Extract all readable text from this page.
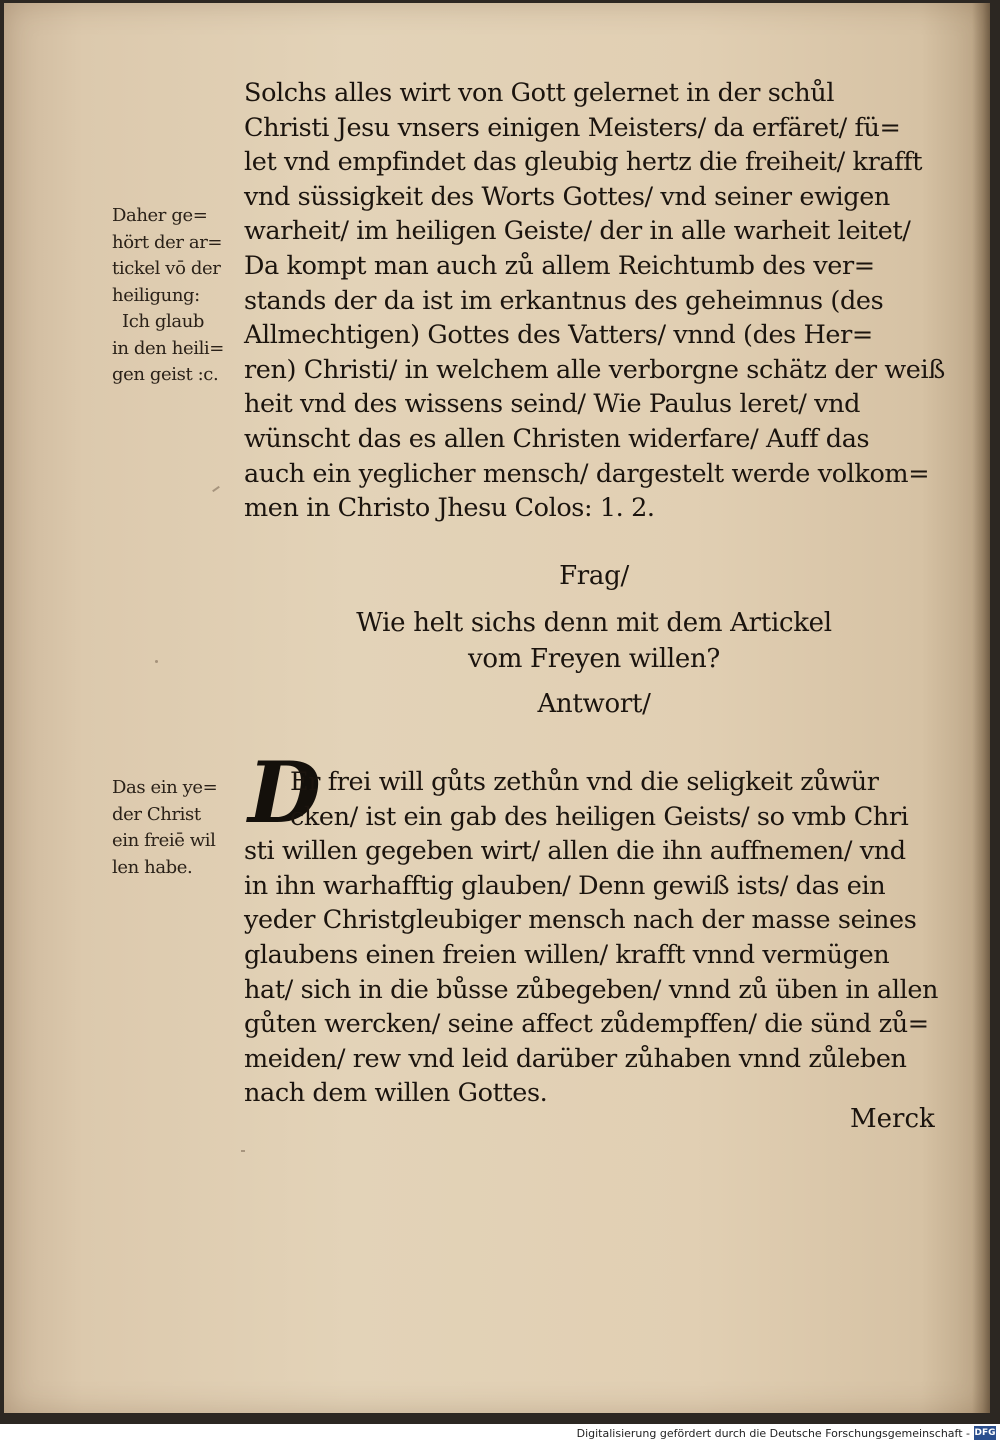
Solchs alles wirt von Gott gelernet in der schůl
Christi Jesu vnsers einigen Meisters/ da erfäret/ fü=
let vnd empfindet das gleubig hertz die freiheit/ krafft
vnd süssigkeit des Worts Gottes/ vnd seiner ewigen
warheit/ im heiligen Geiste/ der in alle warheit leitet/
Da kompt man auch zů allem Reichtumb des ver=
stands der da ist im erkantnus des geheimnus (des
Allmechtigen) Gottes des Vatters/ vnnd (des Her=
ren) Christi/ in welchem alle verborgne schätz der weiß
heit vnd des wissens seind/ Wie Paulus leret/ vnd
wünscht das es allen Christen widerfare/ Auff das
auch ein yeglicher mensch/ dargestelt werde volkom=
men in Christo Jhesu Colos: 1. 2.
Daher ge=
hört der ar=
tickel vō der
heiligung:
Ich glaub
in den heili=
gen geist :c.
Frag/
Wie helt sichs denn mit dem Artickel
vom Freyen willen?
Antwort/
D
Er frei will gůts zethůn vnd die seligkeit zůwür
cken/ ist ein gab des heiligen Geists/ so vmb Chri
sti willen gegeben wirt/ allen die ihn auffnemen/ vnd
in ihn warhafftig glauben/ Denn gewiß ists/ das ein
yeder Christgleubiger mensch nach der masse seines
glaubens einen freien willen/ krafft vnnd vermügen
hat/ sich in die bůsse zůbegeben/ vnnd zů üben in allen
gůten wercken/ seine affect zůdempffen/ die sünd zů=
meiden/ rew vnd leid darüber zůhaben vnnd zůleben
nach dem willen Gottes.
Das ein ye=
der Christ
ein freiē wil
len habe.
Merck
Digitalisierung gefördert durch die Deutsche Forschungsgemeinschaft - DFG
